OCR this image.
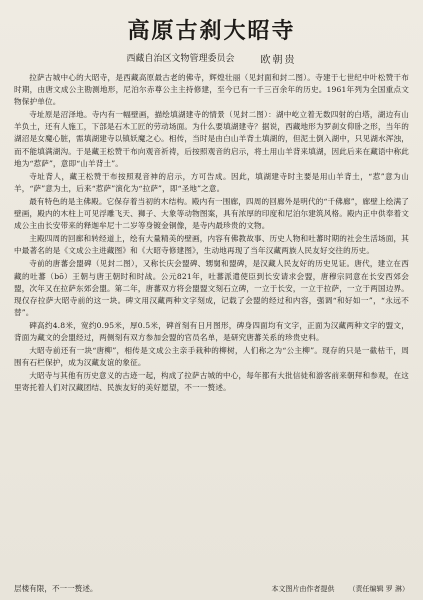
高原古刹大昭寺
西藏自治区文物管理委员会	欧朝贵

拉萨古城中心的大昭寺，是西藏高原最古老的佛寺，辉煌壮丽（见封面和封二图）。寺建于七世纪中叶松赞干布时期，由唐文成公主勘测地形，尼泊尔赤尊公主主持修建，至今已有一千三百余年的历史。1961年列为全国重点文物保护单位。

寺址原是沼泽地。寺内有一幅壁画，描绘填湖建寺的情景（见封二图）：湖中屹立着无数四射的白塔，湖边有山羊负土，还有人施工，下部是石木工匠的劳动场面。为什么要填湖建寺？据说，西藏地形为罗刹女仰卧之形，当年的湖沼是女魔心脏，需填湖建寺以镇妖魔之心。相传，当时是由白山羊背土填湖的，但泥土倒入湖中，只见湖水浑浊，而不能填满湖沟。于是藏王松赞干布向观音祈祷，后按照观音的启示，将土用山羊背来填湖，因此后来在藏语中称此地为“惹萨”，意即“山羊背土”。

寺址背人，藏王松赞干布按照观音神的启示，方可告成。因此，填湖建寺时主要是用山羊背土，“惹”意为山羊，“萨”意为土，后来“惹萨”演化为“拉萨”，即“圣地”之意。

最有特色的是主佛殿。它保存着当初的木结构。殿内有一围廊，四周的回廊外是明代的“千佛廊”，廊壁上绘满了壁画，殿内的木柱上可见浮雕飞天、狮子、大象等动物图案，具有浓厚的印度和尼泊尔建筑风格。殿内正中供奉着文成公主由长安带来的释迦牟尼十二岁等身镀金铜像，是寺内最珍贵的文物。

主殿四周的回廊和转经道上，绘有大量精美的壁画，内容有佛教故事、历史人物和吐蕃时期的社会生活场面，其中最著名的是《文成公主进藏图》和《大昭寺修建图》，生动地再现了当年汉藏两族人民友好交往的历史。

寺前的唐蕃会盟碑（见封二图），又称长庆会盟碑、甥舅和盟碑，是汉藏人民友好的历史见证。唐代，建立在西藏的吐蕃（bō）王朝与唐王朝时和时战。公元821年，吐蕃派遣使臣到长安请求会盟，唐穆宗同意在长安西郊会盟，次年又在拉萨东郊会盟。第二年，唐蕃双方将会盟盟文刻石立碑，一立于长安，一立于拉萨，一立于两国边界。现仅存拉萨大昭寺前的这一块。碑文用汉藏两种文字刻成，记载了会盟的经过和内容，强调“和好如一”，“永远不替”。

碑高约4.8米，宽约0.95米，厚0.5米，碑首刻有日月图形，碑身四面均有文字，正面为汉藏两种文字的盟文，背面为藏文的会盟经过，两侧刻有双方参加会盟的官员名单，是研究唐蕃关系的珍贵史料。

大昭寺前还有一块“唐柳”，相传是文成公主亲手栽种的柳树，人们称之为“公主柳”。现存的只是一截枯干，周围有石栏保护，成为汉藏友谊的象征。

大昭寺与其他有历史意义的古迹一起，构成了拉萨古城的中心，每年都有大批信徒和游客前来朝拜和参观，在这里寄托着人们对汉藏团结、民族友好的美好愿望，不一一赘述。

层楼有限，不一一赘述。	本文图片由作者提供 （责任编辑 罗 淋）
